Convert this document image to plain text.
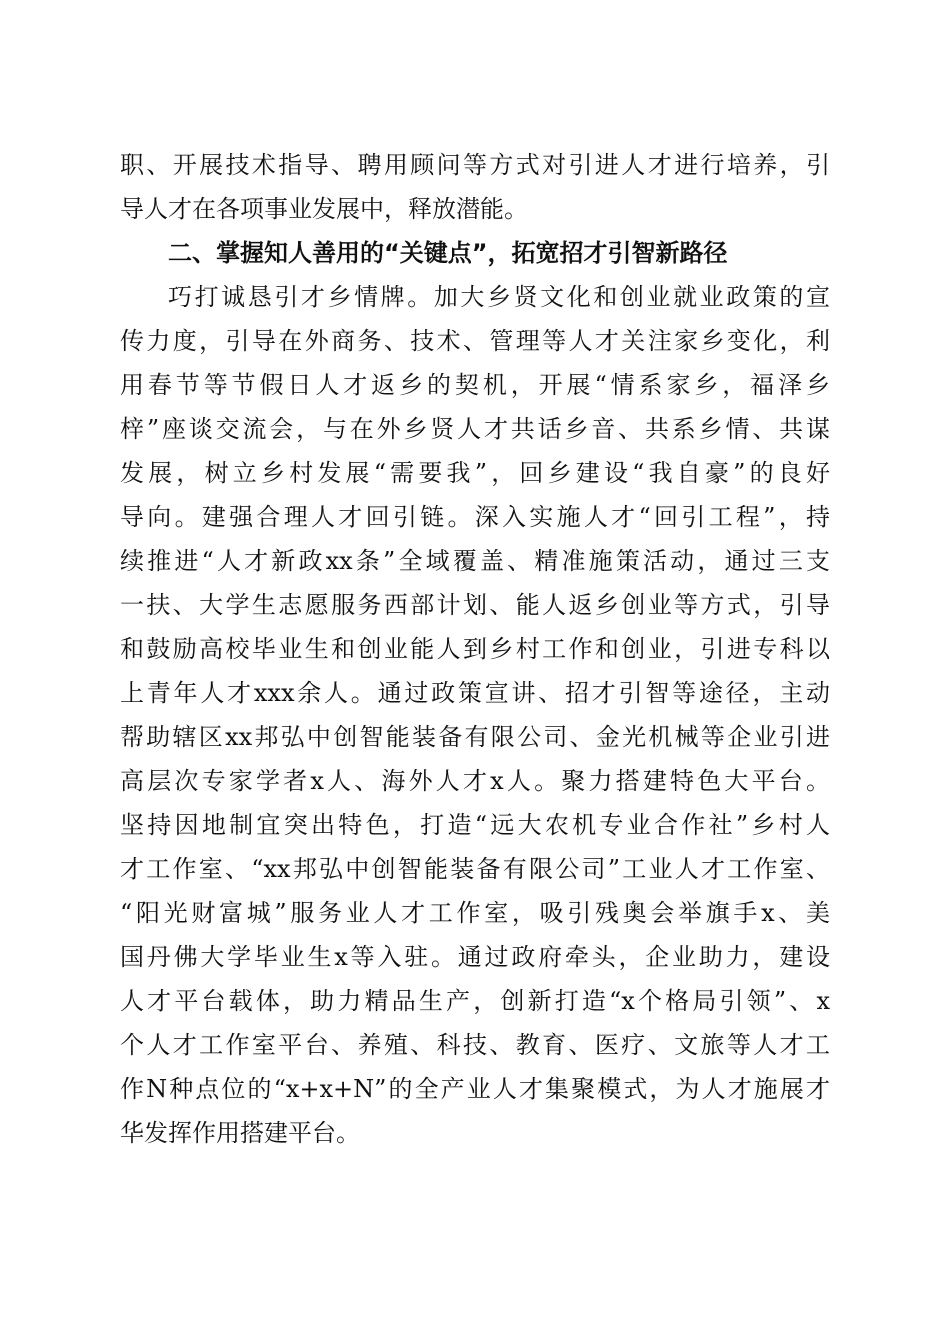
职、开展技术指导、聘用顾问等方式对引进人才进行培养，引
导人才在各项事业发展中，释放潜能。
二、掌握知人善用的“关键点”，拓宽招才引智新路径
巧打诚恳引才乡情牌。加大乡贤文化和创业就业政策的宣
传力度，引导在外商务、技术、管理等人才关注家乡变化，利
用春节等节假日人才返乡的契机，开展“情系家乡，福泽乡
梓”座谈交流会，与在外乡贤人才共话乡音、共系乡情、共谋
发展，树立乡村发展“需要我”，回乡建设“我自豪”的良好
导向。建强合理人才回引链。深入实施人才“回引工程”，持
续推进“人才新政xx条”全域覆盖、精准施策活动，通过三支
一扶、大学生志愿服务西部计划、能人返乡创业等方式，引导
和鼓励高校毕业生和创业能人到乡村工作和创业，引进专科以
上青年人才xxx余人。通过政策宣讲、招才引智等途径，主动
帮助辖区xx邦弘中创智能装备有限公司、金光机械等企业引进
高层次专家学者x人、海外人才x人。聚力搭建特色大平台。
坚持因地制宜突出特色，打造“远大农机专业合作社”乡村人
才工作室、“xx邦弘中创智能装备有限公司”工业人才工作室、
“阳光财富城”服务业人才工作室，吸引残奥会举旗手x、美
国丹佛大学毕业生x等入驻。通过政府牵头，企业助力，建设
人才平台载体，助力精品生产，创新打造“x个格局引领”、x
个人才工作室平台、养殖、科技、教育、医疗、文旅等人才工
作N种点位的“x+x+N”的全产业人才集聚模式，为人才施展才
华发挥作用搭建平台。
